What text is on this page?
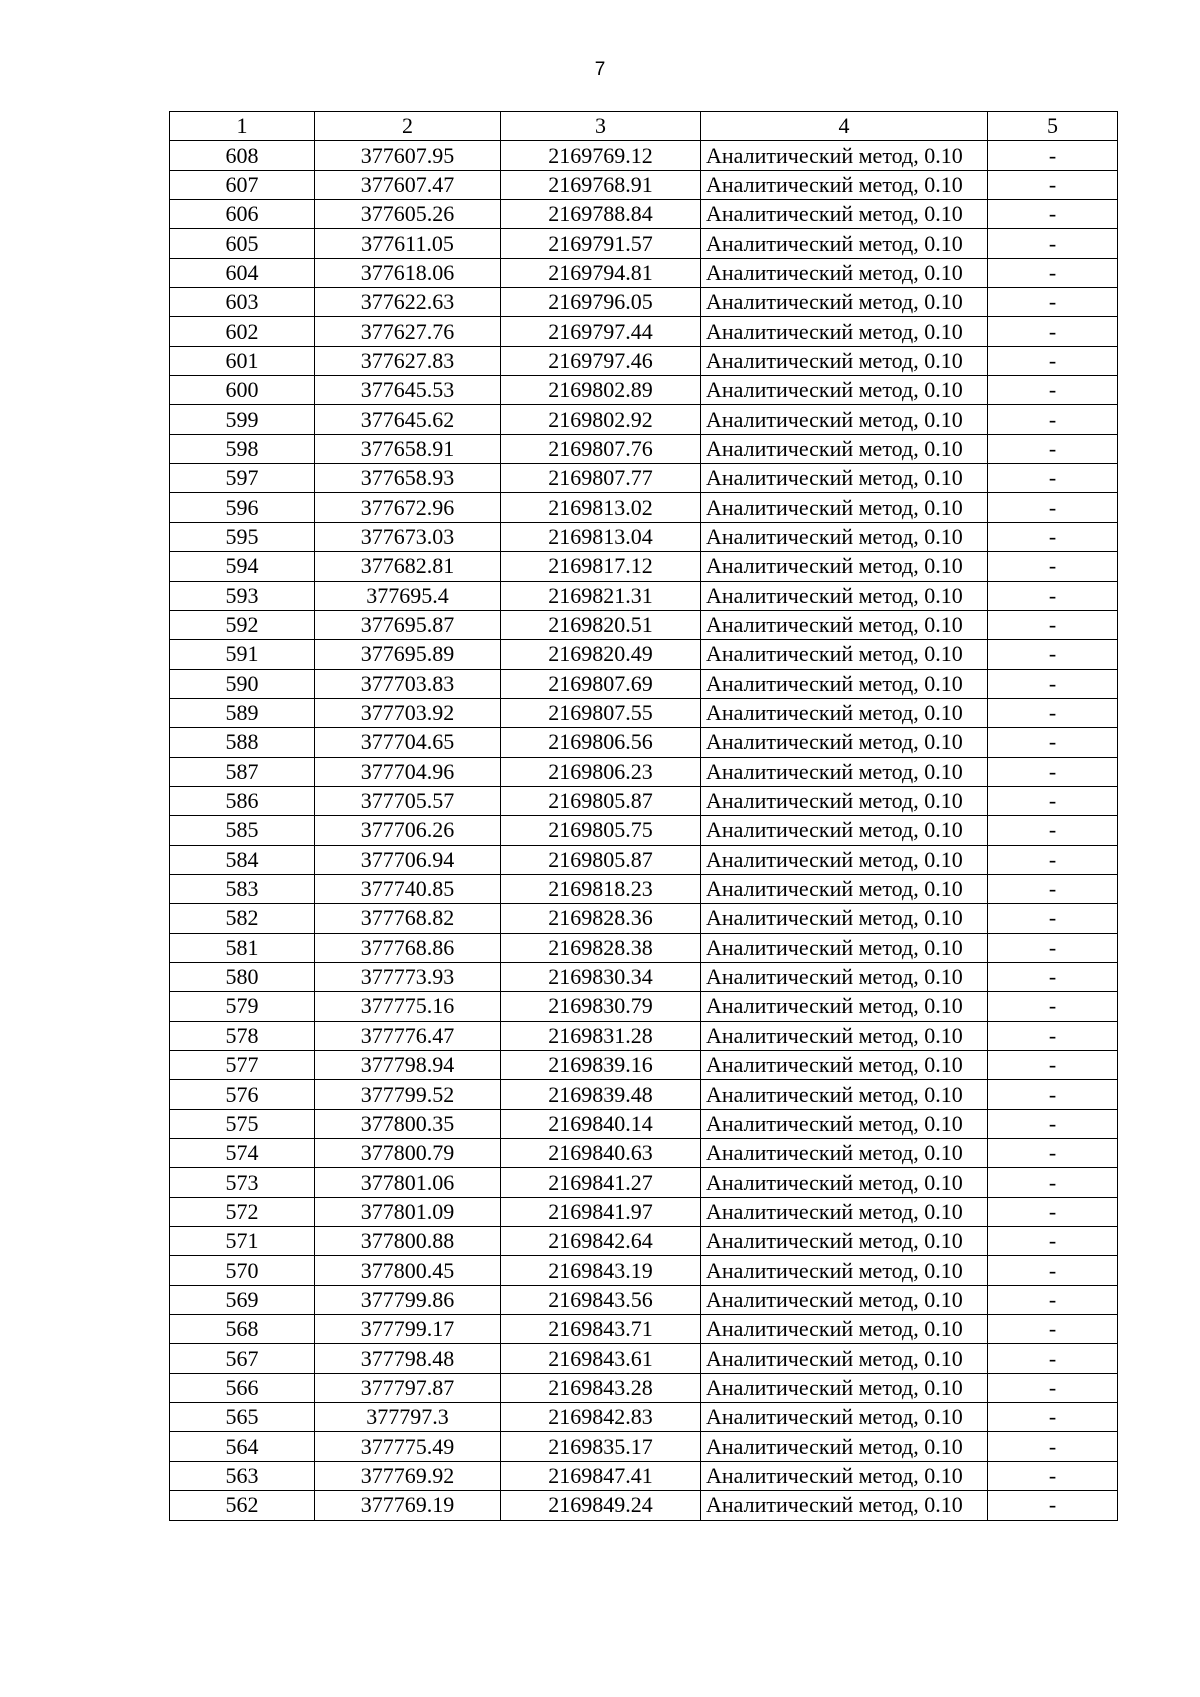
7
1	2	3	4	5
608	377607.95	2169769.12	Аналитический метод, 0.10	-
607	377607.47	2169768.91	Аналитический метод, 0.10	-
606	377605.26	2169788.84	Аналитический метод, 0.10	-
605	377611.05	2169791.57	Аналитический метод, 0.10	-
604	377618.06	2169794.81	Аналитический метод, 0.10	-
603	377622.63	2169796.05	Аналитический метод, 0.10	-
602	377627.76	2169797.44	Аналитический метод, 0.10	-
601	377627.83	2169797.46	Аналитический метод, 0.10	-
600	377645.53	2169802.89	Аналитический метод, 0.10	-
599	377645.62	2169802.92	Аналитический метод, 0.10	-
598	377658.91	2169807.76	Аналитический метод, 0.10	-
597	377658.93	2169807.77	Аналитический метод, 0.10	-
596	377672.96	2169813.02	Аналитический метод, 0.10	-
595	377673.03	2169813.04	Аналитический метод, 0.10	-
594	377682.81	2169817.12	Аналитический метод, 0.10	-
593	377695.4	2169821.31	Аналитический метод, 0.10	-
592	377695.87	2169820.51	Аналитический метод, 0.10	-
591	377695.89	2169820.49	Аналитический метод, 0.10	-
590	377703.83	2169807.69	Аналитический метод, 0.10	-
589	377703.92	2169807.55	Аналитический метод, 0.10	-
588	377704.65	2169806.56	Аналитический метод, 0.10	-
587	377704.96	2169806.23	Аналитический метод, 0.10	-
586	377705.57	2169805.87	Аналитический метод, 0.10	-
585	377706.26	2169805.75	Аналитический метод, 0.10	-
584	377706.94	2169805.87	Аналитический метод, 0.10	-
583	377740.85	2169818.23	Аналитический метод, 0.10	-
582	377768.82	2169828.36	Аналитический метод, 0.10	-
581	377768.86	2169828.38	Аналитический метод, 0.10	-
580	377773.93	2169830.34	Аналитический метод, 0.10	-
579	377775.16	2169830.79	Аналитический метод, 0.10	-
578	377776.47	2169831.28	Аналитический метод, 0.10	-
577	377798.94	2169839.16	Аналитический метод, 0.10	-
576	377799.52	2169839.48	Аналитический метод, 0.10	-
575	377800.35	2169840.14	Аналитический метод, 0.10	-
574	377800.79	2169840.63	Аналитический метод, 0.10	-
573	377801.06	2169841.27	Аналитический метод, 0.10	-
572	377801.09	2169841.97	Аналитический метод, 0.10	-
571	377800.88	2169842.64	Аналитический метод, 0.10	-
570	377800.45	2169843.19	Аналитический метод, 0.10	-
569	377799.86	2169843.56	Аналитический метод, 0.10	-
568	377799.17	2169843.71	Аналитический метод, 0.10	-
567	377798.48	2169843.61	Аналитический метод, 0.10	-
566	377797.87	2169843.28	Аналитический метод, 0.10	-
565	377797.3	2169842.83	Аналитический метод, 0.10	-
564	377775.49	2169835.17	Аналитический метод, 0.10	-
563	377769.92	2169847.41	Аналитический метод, 0.10	-
562	377769.19	2169849.24	Аналитический метод, 0.10	-
